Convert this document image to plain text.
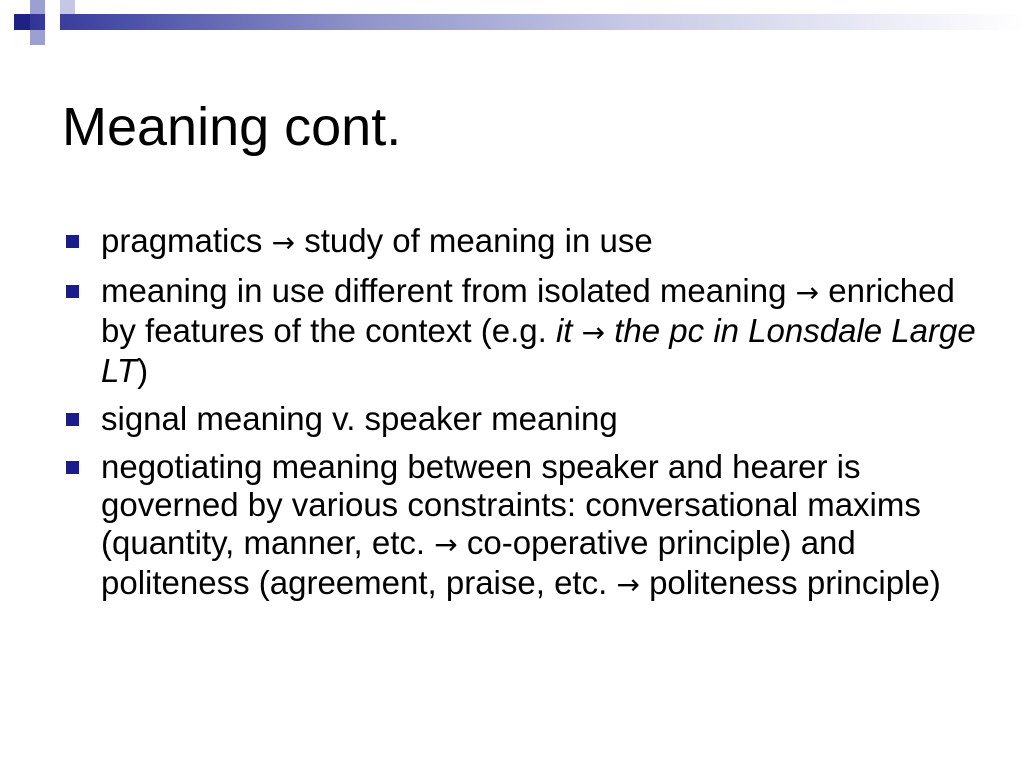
Meaning cont.
pragmatics → study of meaning in use
meaning in use different from isolated meaning → enriched by features of the context (e.g. it → the pc in Lonsdale Large LT)
signal meaning v. speaker meaning
negotiating meaning between speaker and hearer is governed by various constraints: conversational maxims (quantity, manner, etc. → co-operative principle) and politeness (agreement, praise, etc. → politeness principle)
